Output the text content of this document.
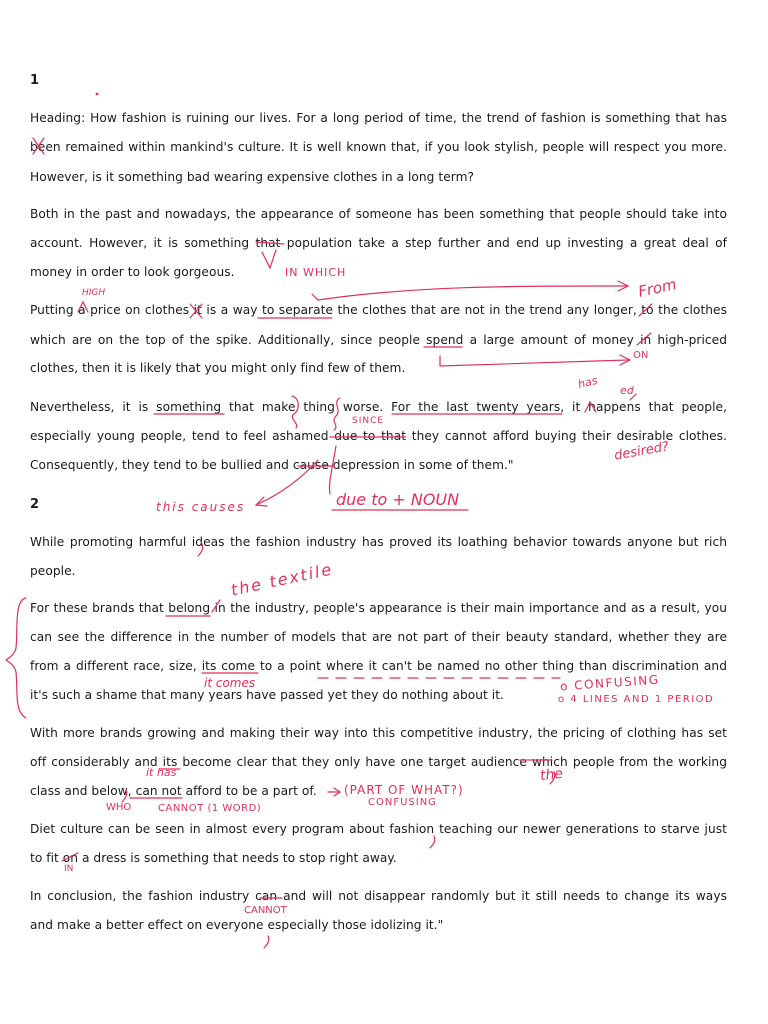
1
Heading: How fashion is ruining our lives. For a long period of time, the trend of fashion is something that has
been remained within mankind's culture. It is well known that, if you look stylish, people will respect you more.
However, is it something bad wearing expensive clothes in a long term?
Both in the past and nowadays, the appearance of someone has been something that people should take into
account. However, it is something that population take a step further and end up investing a great deal of
money in order to look gorgeous.
Putting a price on clothes it is a way to separate the clothes that are not in the trend any longer, to the clothes
which are on the top of the spike. Additionally, since people spend a large amount of money in high-priced
clothes, then it is likely that you might only find few of them.
Nevertheless, it is something that make thing worse. For the last twenty years, it happens that people,
especially young people, tend to feel ashamed due to that they cannot afford buying their desirable clothes.
Consequently, they tend to be bullied and cause depression in some of them."
2
While promoting harmful ideas the fashion industry has proved its loathing behavior towards anyone but rich
people.
For these brands that belong in the industry, people's appearance is their main importance and as a result, you
can see the difference in the number of models that are not part of their beauty standard, whether they are
from a different race, size, its come to a point where it can't be named no other thing than discrimination and
it's such a shame that many years have passed yet they do nothing about it.
With more brands growing and making their way into this competitive industry, the pricing of clothing has set
off considerably and its become clear that they only have one target audience which people from the working
class and below, can not afford to be a part of.
Diet culture can be seen in almost every program about fashion teaching our newer generations to starve just
to fit on a dress is something that needs to stop right away.
In conclusion, the fashion industry can and will not disappear randomly but it still needs to change its ways
and make a better effect on everyone especially those idolizing it."
IN WHICH
HIGH	From
ON
SINCE
has ed
desired?
this causes	due to + NOUN
the textile
it comes	o CONFUSING
o 4 LINES AND 1 PERIOD
the
it has
WHO	CANNOT (1 WORD)
(PART OF WHAT?)
CONFUSING
IN
CANNOT
